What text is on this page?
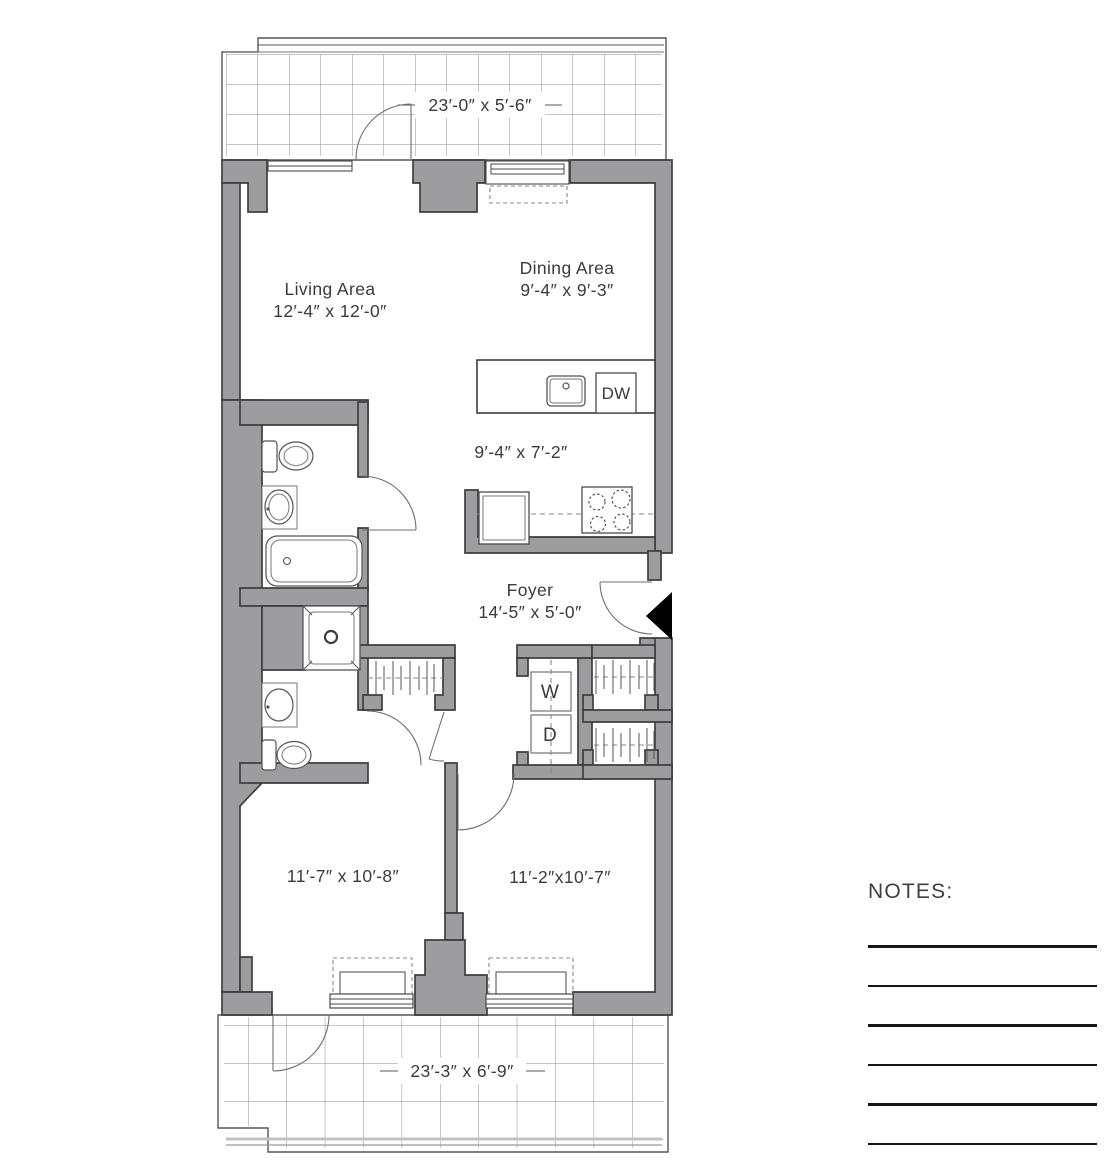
23′-0″ x 5′-6″
23′-3″ x 6′-9″
DW
W
D
Living Area
12′-4″ x 12′-0″
Dining Area
9′-4″ x 9′-3″
9′-4″ x 7′-2″
Foyer
14′-5″ x 5′-0″
11′-7″ x 10′-8″	11′-2″x10′-7″
NOTES:
